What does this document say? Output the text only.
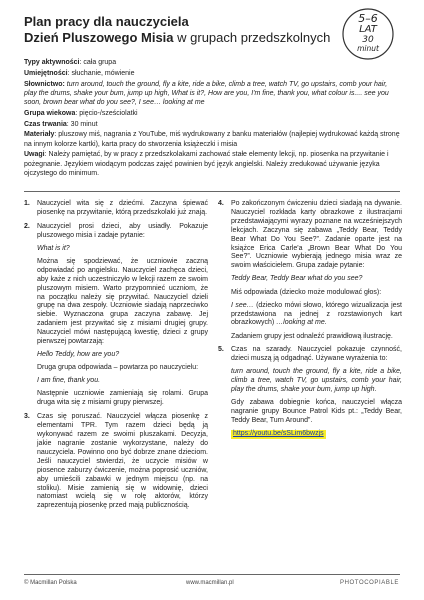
Plan pracy dla nauczyciela
Dzień Pluszowego Misia w grupach przedszkolnych
5–6
LAT
30
minut

Typy aktywności: cała grupa

Umiejętności: słuchanie, mówienie

Słownictwo: turn around, touch the ground, fly a kite, ride a bike, climb a tree, watch TV, go upstairs, comb your hair, play the drums, shake your bum, jump up high, What is it?, How are you, I'm fine, thank you, what colour is.... see you soon, brown bear what do you see?, I see… looking at me

Grupa wiekowa: pięcio-/sześciolatki

Czas trwania: 30 minut

Materiały: pluszowy miś, nagrania z YouTube, miś wydrukowany z banku materiałów (najlepiej wydrukować każdą stronę na innym kolorze kartki), karta pracy do stworzenia książeczki i misia

Uwagi: Należy pamiętać, by w pracy z przedszkolakami zachować stałe elementy lekcji, np. piosenka na przywitanie i pożegnanie. Językiem wiodącym podczas zajęć powinien być język angielski. Należy zredukować używanie języka ojczystego do minimum.

1. Nauczyciel wita się z dziećmi. Zaczyna śpiewać piosenkę na przywitanie, którą przedszkolaki już znają.

2. Nauczyciel prosi dzieci, aby usiadły. Pokazuje pluszowego misia i zadaje pytanie:

What is it?

Można się spodziewać, że uczniowie zaczną odpowiadać po angielsku. Nauczyciel zachęca dzieci, aby każe z nich uczestniczyło w lekcji razem ze swoim pluszowym misiem. Warto przypomnieć uczniom, że na początku należy się przywitać. Nauczyciel dzieli grupę na dwa zespoły. Uczniowie siadają naprzeciwko siebie. Wyznaczona grupa zaczyna zabawę. Jej zadaniem jest przywitać się z misiami drugiej grupy. Nauczyciel mówi następującą kwestię, dzieci z grupy pierwszej powtarzają:

Hello Teddy, how are you?

Druga grupa odpowiada – powtarza po nauczycielu:

I am fine, thank you.

Następnie uczniowie zamieniają się rolami. Grupa druga wita się z misiami grupy pierwszej.

3. Czas się poruszać. Nauczyciel włącza piosenkę z elementami TPR. Tym razem dzieci będą ją wykonywać razem ze swoimi pluszakami. Decyzja, jakie nagranie zostanie wykorzystane, należy do nauczyciela. Powinno ono być dobrze znane dzieciom. Jeśli nauczyciel stwierdzi, że uczycie misiów w piosence zaburzy ćwiczenie, można poprosić uczniów, aby umieścili zabawki w jednym miejscu (np. na stoliku). Misie zamienią się w widownię, dzieci natomiast wcielą się w rolę aktorów, którzy zaprezentują piosenkę przed mają publicznością.

4. Po zakończonym ćwiczeniu dzieci siadają na dywanie. Nauczyciel rozkłada karty obrazkowe z ilustracjami przedstawiającymi wyrazy poznane na wcześniejszych lekcjach. Zaczyna się zabawa „Teddy Bear, Teddy Bear What Do You See?”. Zadanie oparte jest na książce Erica Carle'a „Brown Bear What Do You See?”. Uczniowie wybierają jednego misia wraz ze swoim właścicielem. Grupa zadaje pytanie:

Teddy Bear, Teddy Bear what do you see?

Miś odpowiada (dziecko może modulować głos):

I see… (dziecko mówi słowo, którego wizualizacja jest przedstawiona na jednej z rozstawionych kart obrazkowych) …looking at me.

Zadaniem grupy jest odnaleźć prawidłową ilustrację.

5. Czas na szarady. Nauczyciel pokazuje czynność, dzieci muszą ją odgadnąć. Używane wyrażenia to:

turn around, touch the ground, fly a kite, ride a bike, climb a tree, watch TV, go upstairs, comb your hair, play the drums, shake your bum, jump up high.

Gdy zabawa dobiegnie końca, nauczyciel włącza nagranie grupy Bounce Patrol Kids pt.: „Teddy Bear, Teddy Bear, Turn Around”.

https://youtu.be/sSLim6bwzjs

© Macmillan Polska	www.macmillan.pl	PHOTOCOPIABLE
